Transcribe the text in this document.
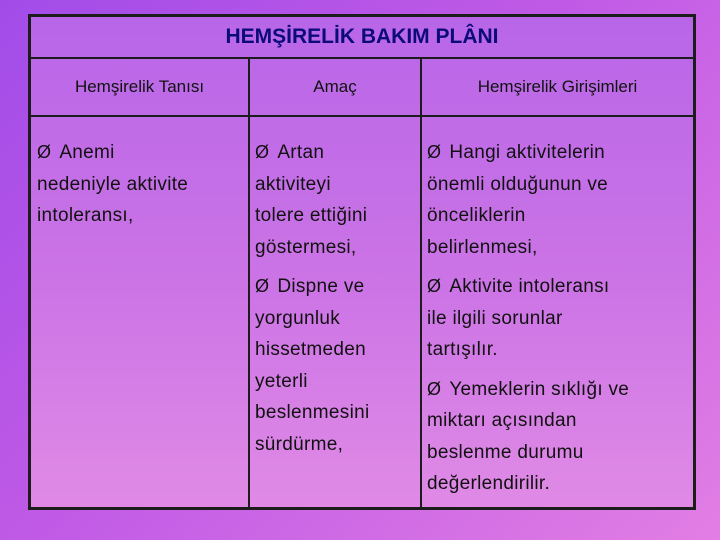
HEMŞİRELİK BAKIM PLÂNI
Hemşirelik Tanısı	Amaç	Hemşirelik Girişimleri
Ø Anemi
nedeniyle aktivite
intoleransı,
Ø Artan
aktiviteyi
tolere ettiğini
göstermesi,
Ø Dispne ve
yorgunluk
hissetmeden
yeterli
beslenmesini
sürdürme,
Ø Hangi aktivitelerin
önemli olduğunun ve
önceliklerin
belirlenmesi,
Ø Aktivite intoleransı
ile ilgili sorunlar
tartışılır.
Ø Yemeklerin sıklığı ve
miktarı açısından
beslenme durumu
değerlendirilir.
